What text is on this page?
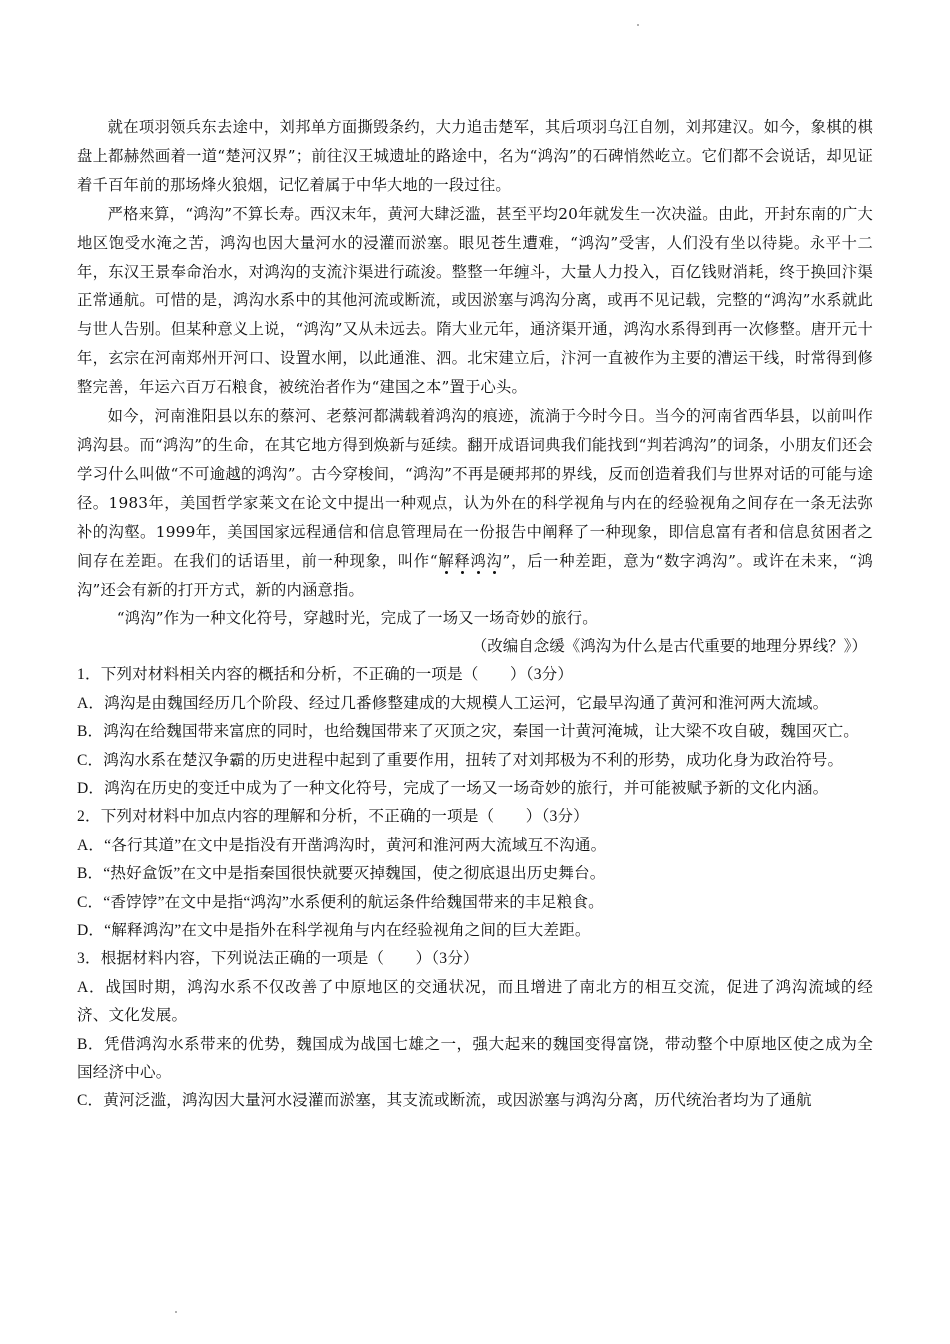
就在项羽领兵东去途中，刘邦单方面撕毁条约，大力追击楚军，其后项羽乌江自刎，刘邦建汉。如今，象棋的棋盘上都赫然画着一道“楚河汉界”；前往汉王城遗址的路途中，名为“鸿沟”的石碑悄然屹立。它们都不会说话，却见证着千百年前的那场烽火狼烟，记忆着属于中华大地的一段过往。

严格来算，“鸿沟”不算长寿。西汉末年，黄河大肆泛滥，甚至平均20年就发生一次决溢。由此，开封东南的广大地区饱受水淹之苦，鸿沟也因大量河水的浸灌而淤塞。眼见苍生遭难，“鸿沟”受害，人们没有坐以待毙。永平十二年，东汉王景奉命治水，对鸿沟的支流汴渠进行疏浚。整整一年缠斗，大量人力投入，百亿钱财消耗，终于换回汴渠正常通航。可惜的是，鸿沟水系中的其他河流或断流，或因淤塞与鸿沟分离，或再不见记载，完整的“鸿沟”水系就此与世人告别。但某种意义上说，“鸿沟”又从未远去。隋大业元年，通济渠开通，鸿沟水系得到再一次修整。唐开元十年，玄宗在河南郑州开河口、设置水闸，以此通淮、泗。北宋建立后，汴河一直被作为主要的漕运干线，时常得到修整完善，年运六百万石粮食，被统治者作为“建国之本”置于心头。

如今，河南淮阳县以东的蔡河、老蔡河都满载着鸿沟的痕迹，流淌于今时今日。当今的河南省西华县，以前叫作鸿沟县。而“鸿沟”的生命，在其它地方得到焕新与延续。翻开成语词典我们能找到“判若鸿沟”的词条，小朋友们还会学习什么叫做“不可逾越的鸿沟”。古今穿梭间，“鸿沟”不再是硬邦邦的界线，反而创造着我们与世界对话的可能与途径。1983年，美国哲学家莱文在论文中提出一种观点，认为外在的科学视角与内在的经验视角之间存在一条无法弥补的沟壑。1999年，美国国家远程通信和信息管理局在一份报告中阐释了一种现象，即信息富有者和信息贫困者之间存在差距。在我们的话语里，前一种现象，叫作“解释鸿沟”，后一种差距，意为“数字鸿沟”。或许在未来，“鸿沟”还会有新的打开方式，新的内涵意指。

“鸿沟”作为一种文化符号，穿越时光，完成了一场又一场奇妙的旅行。

（改编自念缓《鸿沟为什么是古代重要的地理分界线？》）

1．下列对材料相关内容的概括和分析，不正确的一项是（　　）（3分）

A．鸿沟是由魏国经历几个阶段、经过几番修整建成的大规模人工运河，它最早沟通了黄河和淮河两大流域。

B．鸿沟在给魏国带来富庶的同时，也给魏国带来了灭顶之灾，秦国一计黄河淹城，让大梁不攻自破，魏国灭亡。

C．鸿沟水系在楚汉争霸的历史进程中起到了重要作用，扭转了对刘邦极为不利的形势，成功化身为政治符号。

D．鸿沟在历史的变迁中成为了一种文化符号，完成了一场又一场奇妙的旅行，并可能被赋予新的文化内涵。

2．下列对材料中加点内容的理解和分析，不正确的一项是（　　）（3分）

A．“各行其道”在文中是指没有开凿鸿沟时，黄河和淮河两大流域互不沟通。

B．“热好盒饭”在文中是指秦国很快就要灭掉魏国，使之彻底退出历史舞台。

C．“香饽饽”在文中是指“鸿沟”水系便利的航运条件给魏国带来的丰足粮食。

D．“解释鸿沟”在文中是指外在科学视角与内在经验视角之间的巨大差距。

3．根据材料内容，下列说法正确的一项是（　　）（3分）

A．战国时期，鸿沟水系不仅改善了中原地区的交通状况，而且增进了南北方的相互交流，促进了鸿沟流域的经济、文化发展。

B．凭借鸿沟水系带来的优势，魏国成为战国七雄之一，强大起来的魏国变得富饶，带动整个中原地区使之成为全国经济中心。

C．黄河泛滥，鸿沟因大量河水浸灌而淤塞，其支流或断流，或因淤塞与鸿沟分离，历代统治者均为了通航
